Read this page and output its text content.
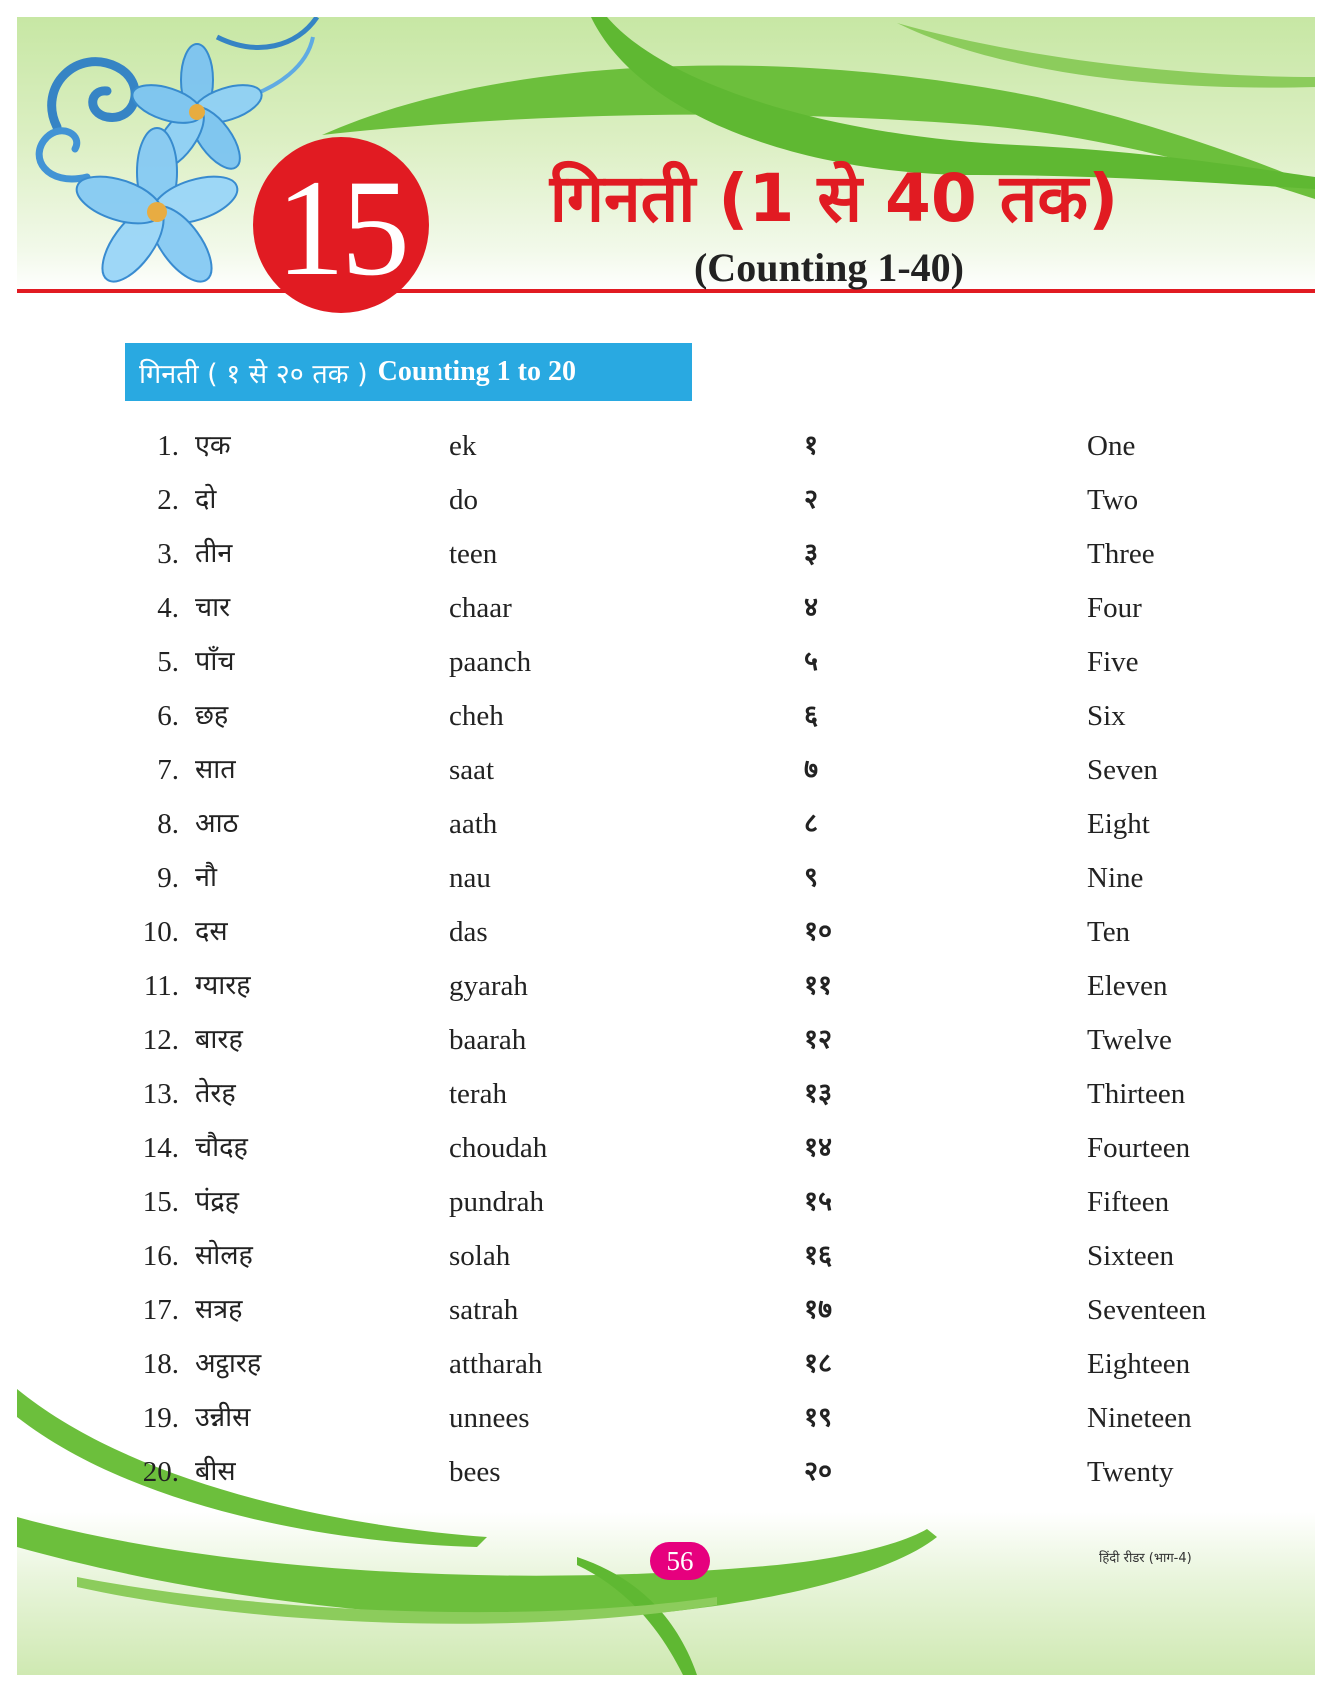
15	गिनती (1 से 40 तक)
(Counting 1-40)
गिनती ( १ से २० तक ) Counting 1 to 20
1. एक	ek	१	One
2. दो	do	२	Two
3. तीन	teen	३	Three
4. चार	chaar	४	Four
5. पाँच	paanch	५	Five
6. छह	cheh	६	Six
7. सात	saat	७	Seven
8. आठ	aath	८	Eight
9. नौ	nau	९	Nine
10. दस	das	१०	Ten
11. ग्यारह	gyarah	११	Eleven
12. बारह	baarah	१२	Twelve
13. तेरह	terah	१३	Thirteen
14. चौदह	choudah	१४	Fourteen
15. पंद्रह	pundrah	१५	Fifteen
16. सोलह	solah	१६	Sixteen
17. सत्रह	satrah	१७	Seventeen
18. अट्ठारह	attharah	१८	Eighteen
19. उन्नीस	unnees	१९	Nineteen
20. बीस	bees	२०	Twenty
56	हिंदी रीडर (भाग-4)
